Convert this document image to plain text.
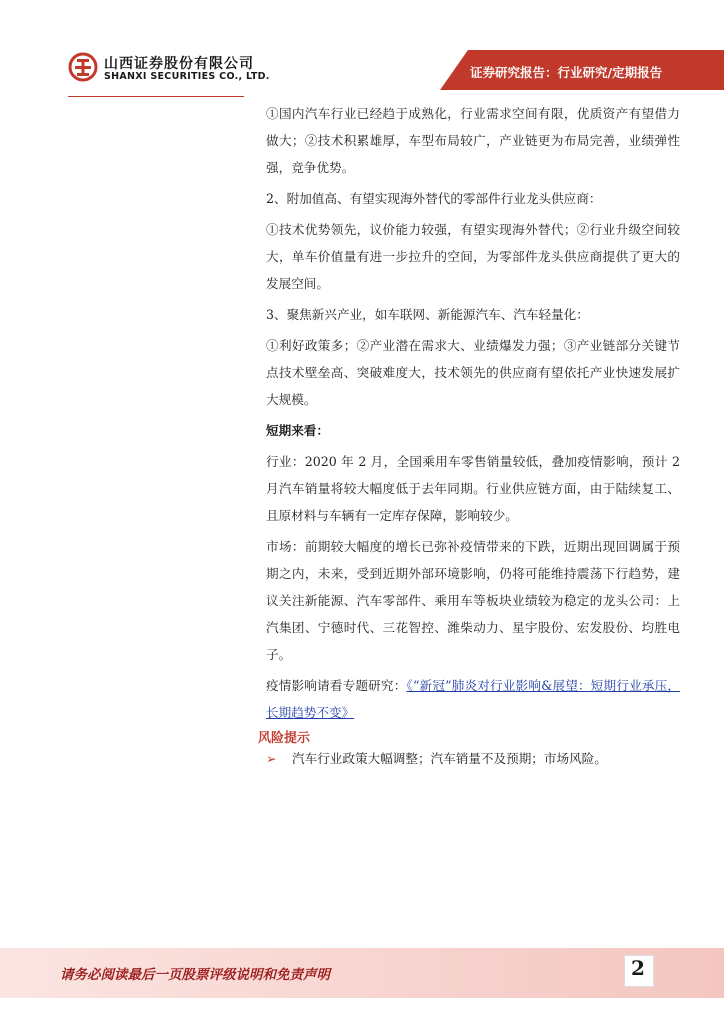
山西证券股份有限公司
SHANXI SECURITIES CO., LTD.	证券研究报告：行业研究/定期报告

①国内汽车行业已经趋于成熟化，行业需求空间有限，优质资产有望借力做大；②技术积累雄厚，车型布局较广，产业链更为布局完善，业绩弹性强，竞争优势。

2、附加值高、有望实现海外替代的零部件行业龙头供应商：

①技术优势领先，议价能力较强，有望实现海外替代；②行业升级空间较大，单车价值量有进一步拉升的空间，为零部件龙头供应商提供了更大的发展空间。

3、聚焦新兴产业，如车联网、新能源汽车、汽车轻量化：

①利好政策多；②产业潜在需求大、业绩爆发力强；③产业链部分关键节点技术壁垒高、突破难度大，技术领先的供应商有望依托产业快速发展扩大规模。

短期来看：

行业：2020 年 2 月，全国乘用车零售销量较低，叠加疫情影响，预计 2 月汽车销量将较大幅度低于去年同期。行业供应链方面，由于陆续复工、且原材料与车辆有一定库存保障，影响较少。

市场：前期较大幅度的增长已弥补疫情带来的下跌，近期出现回调属于预期之内，未来，受到近期外部环境影响，仍将可能维持震荡下行趋势，建议关注新能源、汽车零部件、乘用车等板块业绩较为稳定的龙头公司：上汽集团、宁德时代、三花智控、潍柴动力、星宇股份、宏发股份、均胜电子。

疫情影响请看专题研究：《“新冠”肺炎对行业影响&展望：短期行业承压，长期趋势不变》

风险提示
➢ 汽车行业政策大幅调整；汽车销量不及预期；市场风险。
请务必阅读最后一页股票评级说明和免责声明	2
